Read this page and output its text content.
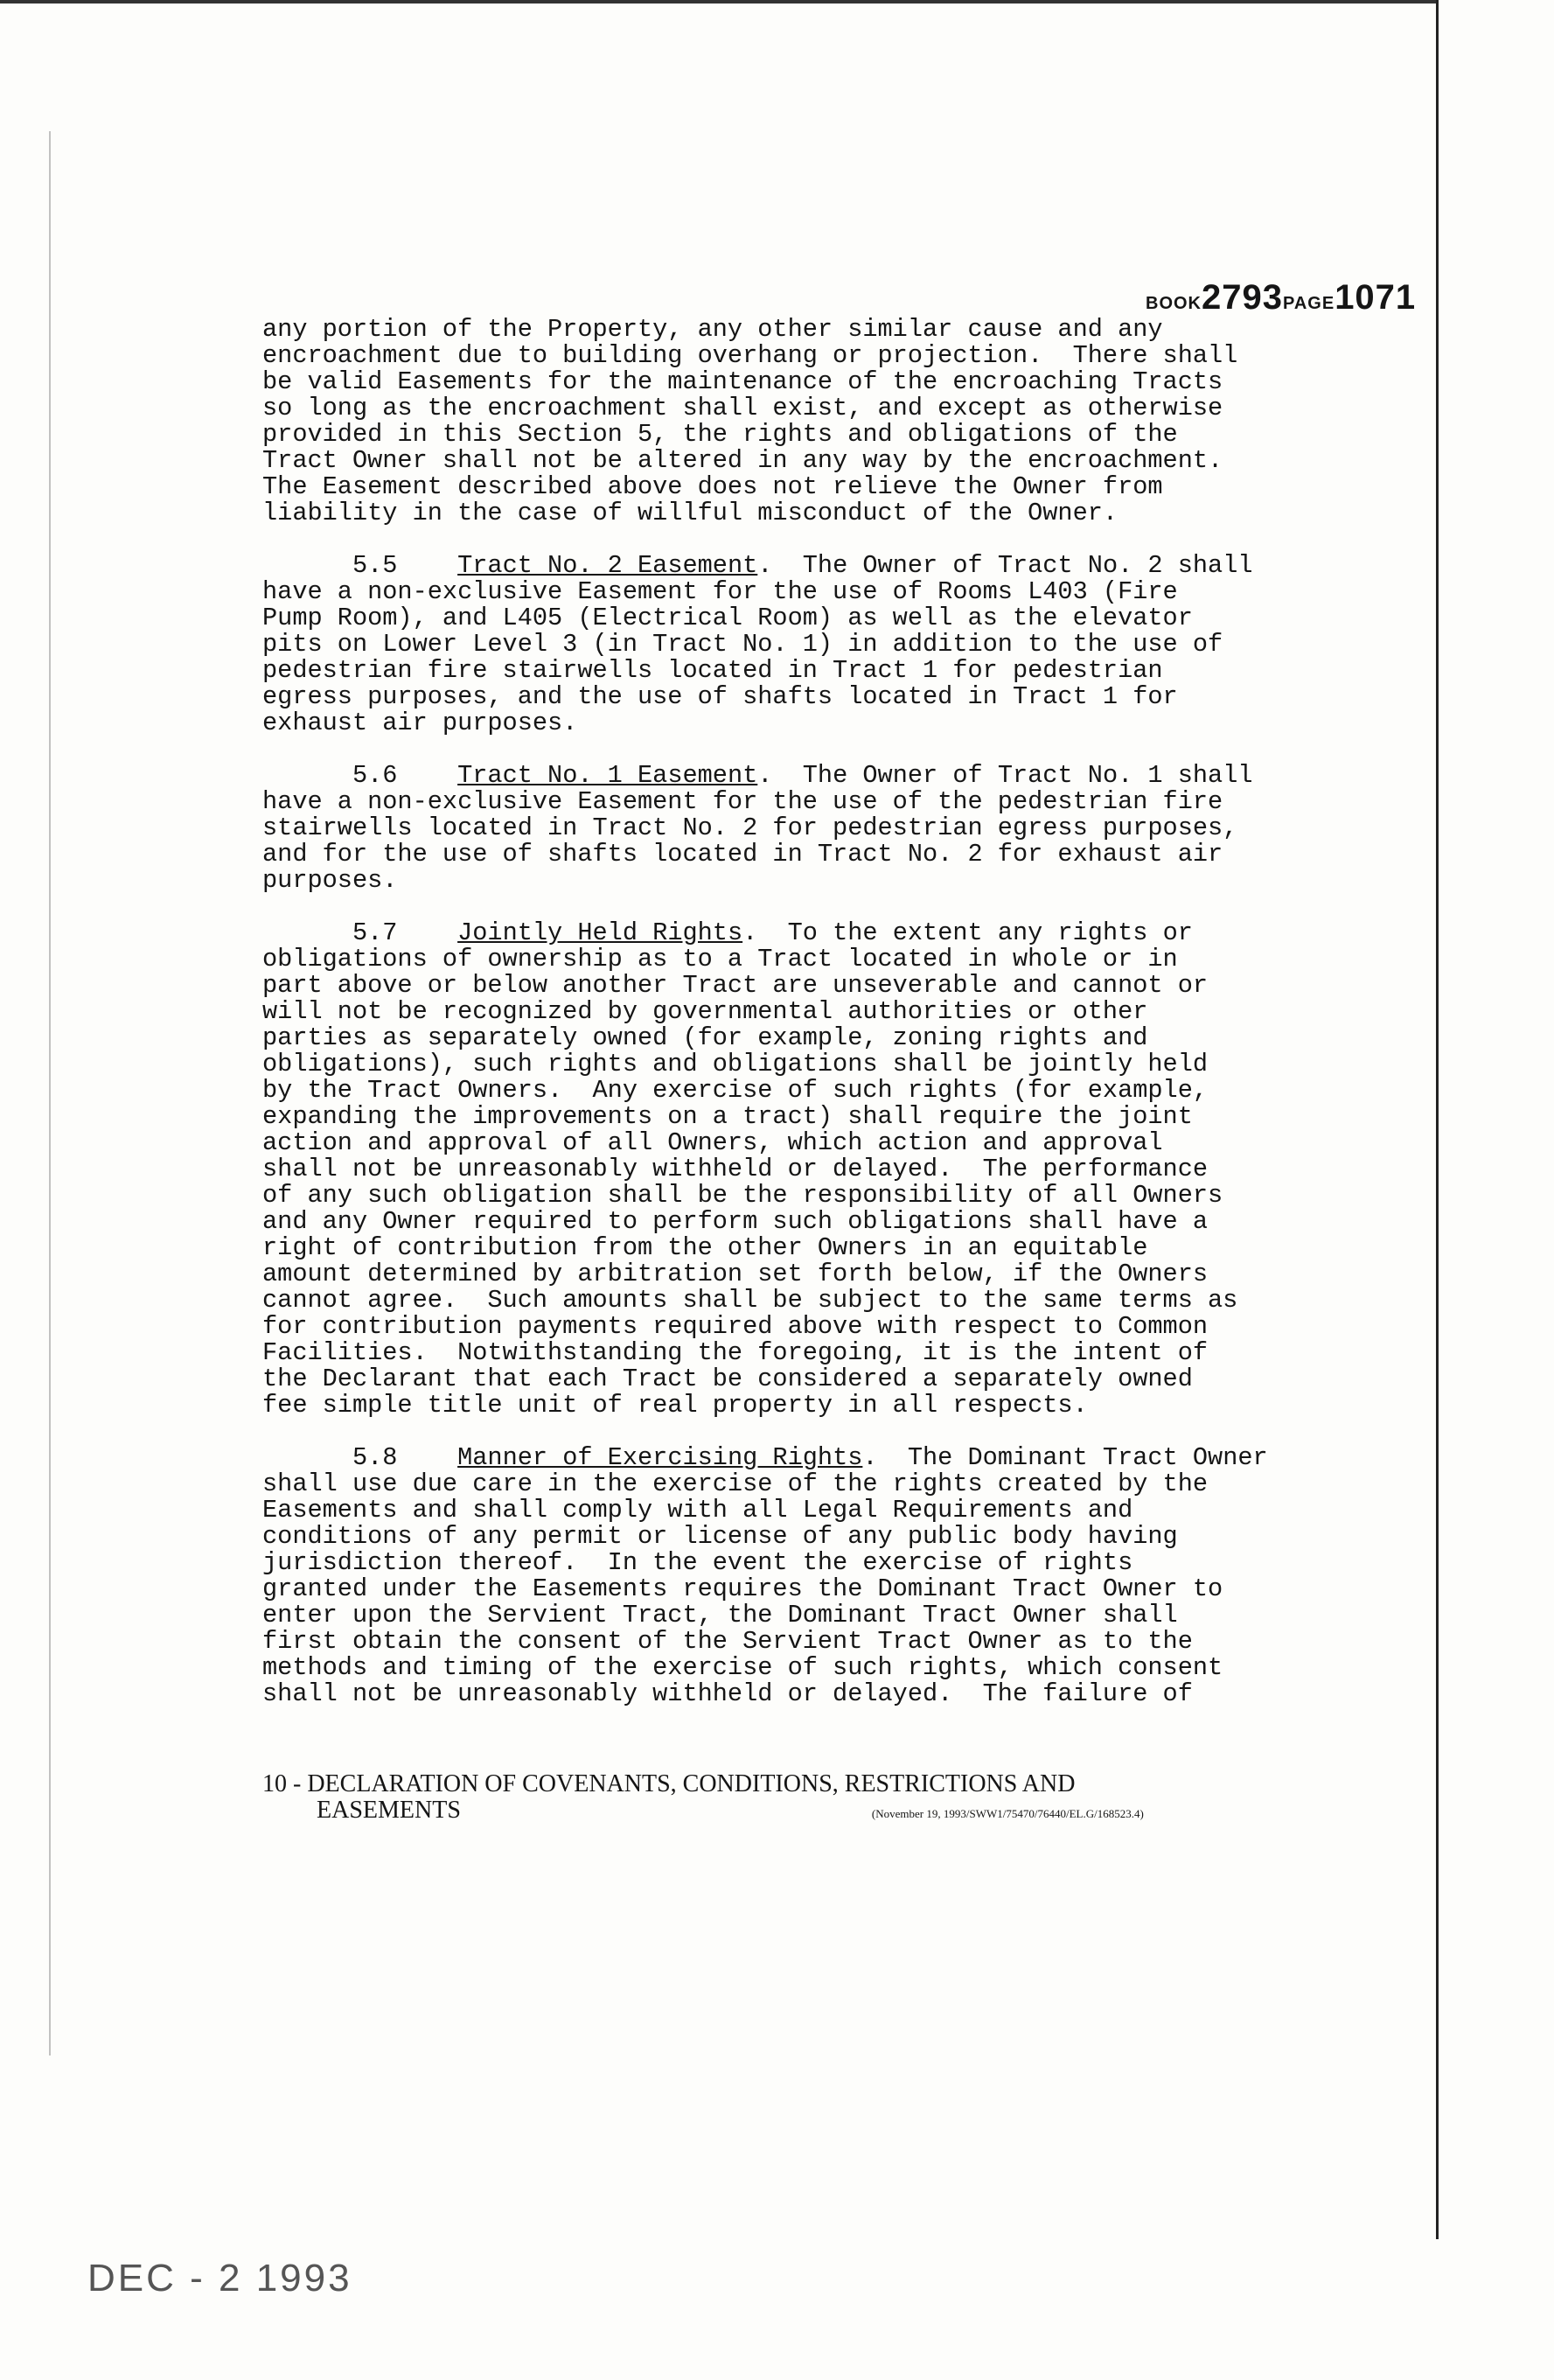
BOOK2793PAGE1071
any portion of the Property, any other similar cause and any
encroachment due to building overhang or projection.  There shall
be valid Easements for the maintenance of the encroaching Tracts
so long as the encroachment shall exist, and except as otherwise
provided in this Section 5, the rights and obligations of the
Tract Owner shall not be altered in any way by the encroachment.
The Easement described above does not relieve the Owner from
liability in the case of willful misconduct of the Owner.
5.5 Tract No. 2 Easement.  The Owner of Tract No. 2 shall
have a non-exclusive Easement for the use of Rooms L403 (Fire
Pump Room), and L405 (Electrical Room) as well as the elevator
pits on Lower Level 3 (in Tract No. 1) in addition to the use of
pedestrian fire stairwells located in Tract 1 for pedestrian
egress purposes, and the use of shafts located in Tract 1 for
exhaust air purposes.
5.6 Tract No. 1 Easement.  The Owner of Tract No. 1 shall
have a non-exclusive Easement for the use of the pedestrian fire
stairwells located in Tract No. 2 for pedestrian egress purposes,
and for the use of shafts located in Tract No. 2 for exhaust air
purposes.
5.7 Jointly Held Rights.  To the extent any rights or
obligations of ownership as to a Tract located in whole or in
part above or below another Tract are unseverable and cannot or
will not be recognized by governmental authorities or other
parties as separately owned (for example, zoning rights and
obligations), such rights and obligations shall be jointly held
by the Tract Owners.  Any exercise of such rights (for example,
expanding the improvements on a tract) shall require the joint
action and approval of all Owners, which action and approval
shall not be unreasonably withheld or delayed.  The performance
of any such obligation shall be the responsibility of all Owners
and any Owner required to perform such obligations shall have a
right of contribution from the other Owners in an equitable
amount determined by arbitration set forth below, if the Owners
cannot agree.  Such amounts shall be subject to the same terms as
for contribution payments required above with respect to Common
Facilities.  Notwithstanding the foregoing, it is the intent of
the Declarant that each Tract be considered a separately owned
fee simple title unit of real property in all respects.
5.8 Manner of Exercising Rights.  The Dominant Tract Owner
shall use due care in the exercise of the rights created by the
Easements and shall comply with all Legal Requirements and
conditions of any permit or license of any public body having
jurisdiction thereof.  In the event the exercise of rights
granted under the Easements requires the Dominant Tract Owner to
enter upon the Servient Tract, the Dominant Tract Owner shall
first obtain the consent of the Servient Tract Owner as to the
methods and timing of the exercise of such rights, which consent
shall not be unreasonably withheld or delayed.  The failure of
10 - DECLARATION OF COVENANTS, CONDITIONS, RESTRICTIONS AND
EASEMENTS	(November 19, 1993/SWW1/75470/76440/EL.G/168523.4)
DEC - 2 1993
